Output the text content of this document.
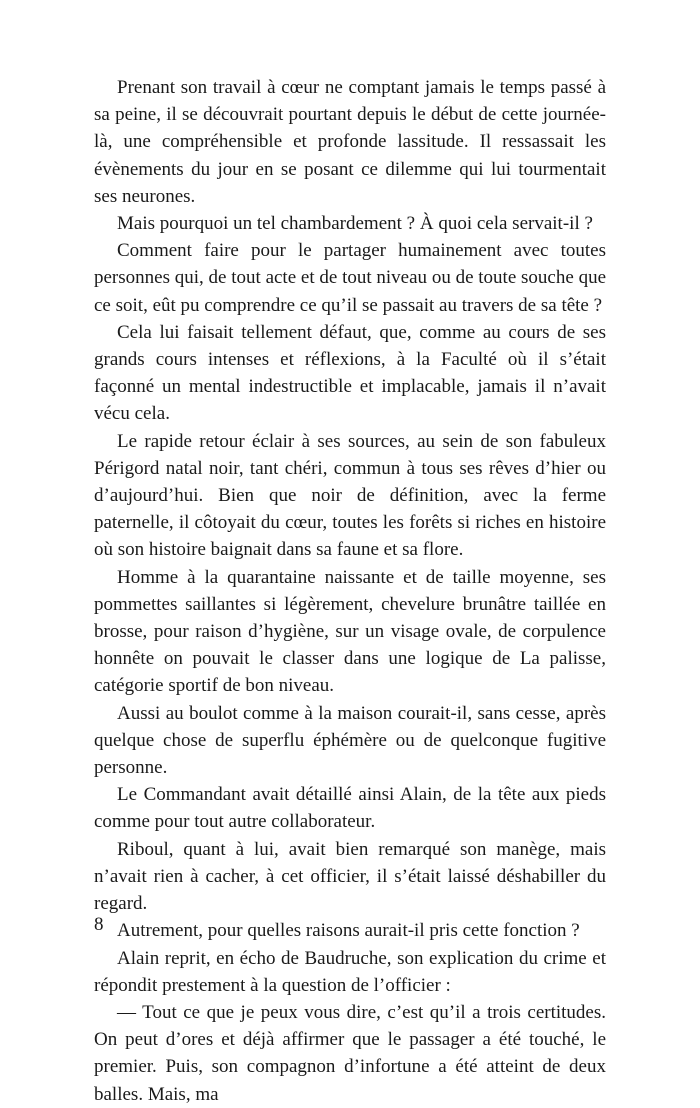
Prenant son travail à cœur ne comptant jamais le temps passé à sa peine, il se découvrait pourtant depuis le début de cette journée-là, une compréhensible et profonde lassitude. Il ressassait les évènements du jour en se posant ce dilemme qui lui tourmentait ses neurones.

Mais pourquoi un tel chambardement ? À quoi cela servait-il ?

Comment faire pour le partager humainement avec toutes personnes qui, de tout acte et de tout niveau ou de toute souche que ce soit, eût pu comprendre ce qu’il se passait au travers de sa tête ?

Cela lui faisait tellement défaut, que, comme au cours de ses grands cours intenses et réflexions, à la Faculté où il s’était façonné un mental indestructible et implacable, jamais il n’avait vécu cela.

Le rapide retour éclair à ses sources, au sein de son fabuleux Périgord natal noir, tant chéri, commun à tous ses rêves d’hier ou d’aujourd’hui. Bien que noir de définition, avec la ferme paternelle, il côtoyait du cœur, toutes les forêts si riches en histoire où son histoire baignait dans sa faune et sa flore.

Homme à la quarantaine naissante et de taille moyenne, ses pommettes saillantes si légèrement, chevelure brunâtre taillée en brosse, pour raison d’hygiène, sur un visage ovale, de corpulence honnête on pouvait le classer dans une logique de La palisse, catégorie sportif de bon niveau.

Aussi au boulot comme à la maison courait-il, sans cesse, après quelque chose de superflu éphémère ou de quelconque fugitive personne.

Le Commandant avait détaillé ainsi Alain, de la tête aux pieds comme pour tout autre collaborateur.

Riboul, quant à lui, avait bien remarqué son manège, mais n’avait rien à cacher, à cet officier, il s’était laissé déshabiller du regard.

Autrement, pour quelles raisons aurait-il pris cette fonction ?

Alain reprit, en écho de Baudruche, son explication du crime et répondit prestement à la question de l’officier :

— Tout ce que je peux vous dire, c’est qu’il a trois certitudes. On peut d’ores et déjà affirmer que le passager a été touché, le premier. Puis, son compagnon d’infortune a été atteint de deux balles. Mais, ma

8
